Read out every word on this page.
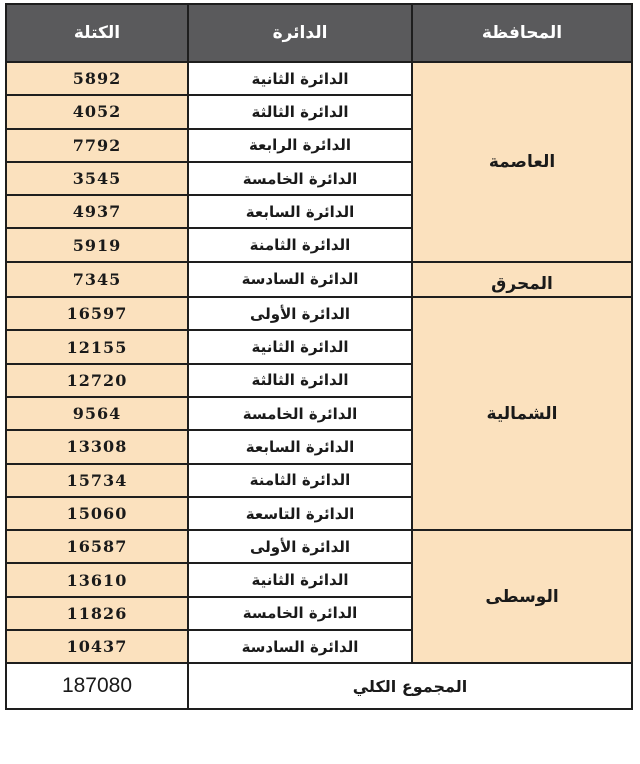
الكتلة	الدائرة	المحافظة
5892	الدائرة الثانية	العاصمة
4052	الدائرة الثالثة	
7792	الدائرة الرابعة	
3545	الدائرة الخامسة	
4937	الدائرة السابعة	
5919	الدائرة الثامنة	
7345	الدائرة السادسة	المحرق
16597	الدائرة الأولى	الشمالية
12155	الدائرة الثانية	
12720	الدائرة الثالثة	
9564	الدائرة الخامسة	
13308	الدائرة السابعة	
15734	الدائرة الثامنة	
15060	الدائرة التاسعة	
16587	الدائرة الأولى	الوسطى
13610	الدائرة الثانية	
11826	الدائرة الخامسة	
10437	الدائرة السادسة	
187080	المجموع الكلي	
